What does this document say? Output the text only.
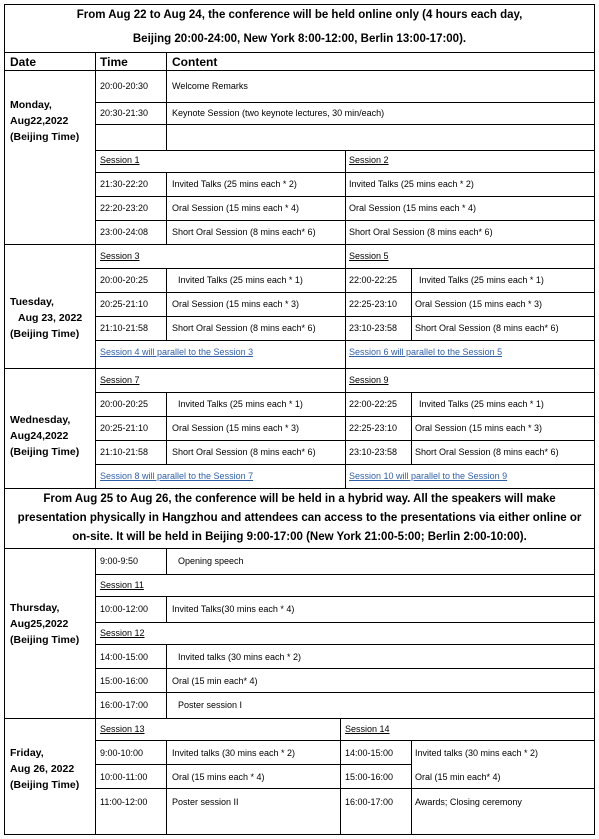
From Aug 22 to Aug 24, the conference will be held online only (4 hours each day,
Beijing 20:00-24:00, New York 8:00-12:00, Berlin 13:00-17:00).
Date	Time	Content
Monday,
Aug22,2022
(Beijing Time)
20:00-20:30	Welcome Remarks
20:30-21:30	Keynote Session (two keynote lectures, 30 min/each)
Session 1	Session 2
21:30-22:20	Invited Talks (25 mins each * 2)	Invited Talks (25 mins each * 2)
22:20-23:20	Oral Session (15 mins each * 4)	Oral Session (15 mins each * 4)
23:00-24:08	Short Oral Session (8 mins each* 6)	Short Oral Session (8 mins each* 6)
Tuesday,
Aug 23, 2022
(Beijing Time)
Session 3	Session 5
20:00-20:25	Invited Talks (25 mins each * 1)	22:00-22:25 Invited Talks (25 mins each * 1)
20:25-21:10	Oral Session (15 mins each * 3)	22:25-23:10 Oral Session (15 mins each * 3)
21:10-21:58	Short Oral Session (8 mins each* 6)	23:10-23:58 Short Oral Session (8 mins each* 6)
Session 4 will parallel to the Session 3	Session 6 will parallel to the Session 5
Wednesday,
Aug24,2022
(Beijing Time)
Session 7	Session 9
20:00-20:25	Invited Talks (25 mins each * 1)	22:00-22:25 Invited Talks (25 mins each * 1)
20:25-21:10	Oral Session (15 mins each * 3)	22:25-23:10 Oral Session (15 mins each * 3)
21:10-21:58	Short Oral Session (8 mins each* 6)	23:10-23:58 Short Oral Session (8 mins each* 6)
Session 8 will parallel to the Session 7	Session 10 will parallel to the Session 9
From Aug 25 to Aug 26, the conference will be held in a hybrid way. All the speakers will make
presentation physically in Hangzhou and attendees can access to the presentations via either online or
on-site. It will be held in Beijing 9:00-17:00 (New York 21:00-5:00; Berlin 2:00-10:00).
Thursday,
Aug25,2022
(Beijing Time)
9:00-9:50	Opening speech
Session 11
10:00-12:00	Invited Talks(30 mins each * 4)
Session 12
14:00-15:00	Invited talks (30 mins each * 2)
15:00-16:00	Oral (15 min each* 4)
16:00-17:00	Poster session I
Friday,
Aug 26, 2022
(Beijing Time)
Session 13	Session 14
9:00-10:00	Invited talks (30 mins each * 2)	14:00-15:00 Invited talks (30 mins each * 2)
10:00-11:00	Oral (15 mins each * 4)	15:00-16:00 Oral (15 min each* 4)
11:00-12:00	Poster session II	16:00-17:00 Awards; Closing ceremony
